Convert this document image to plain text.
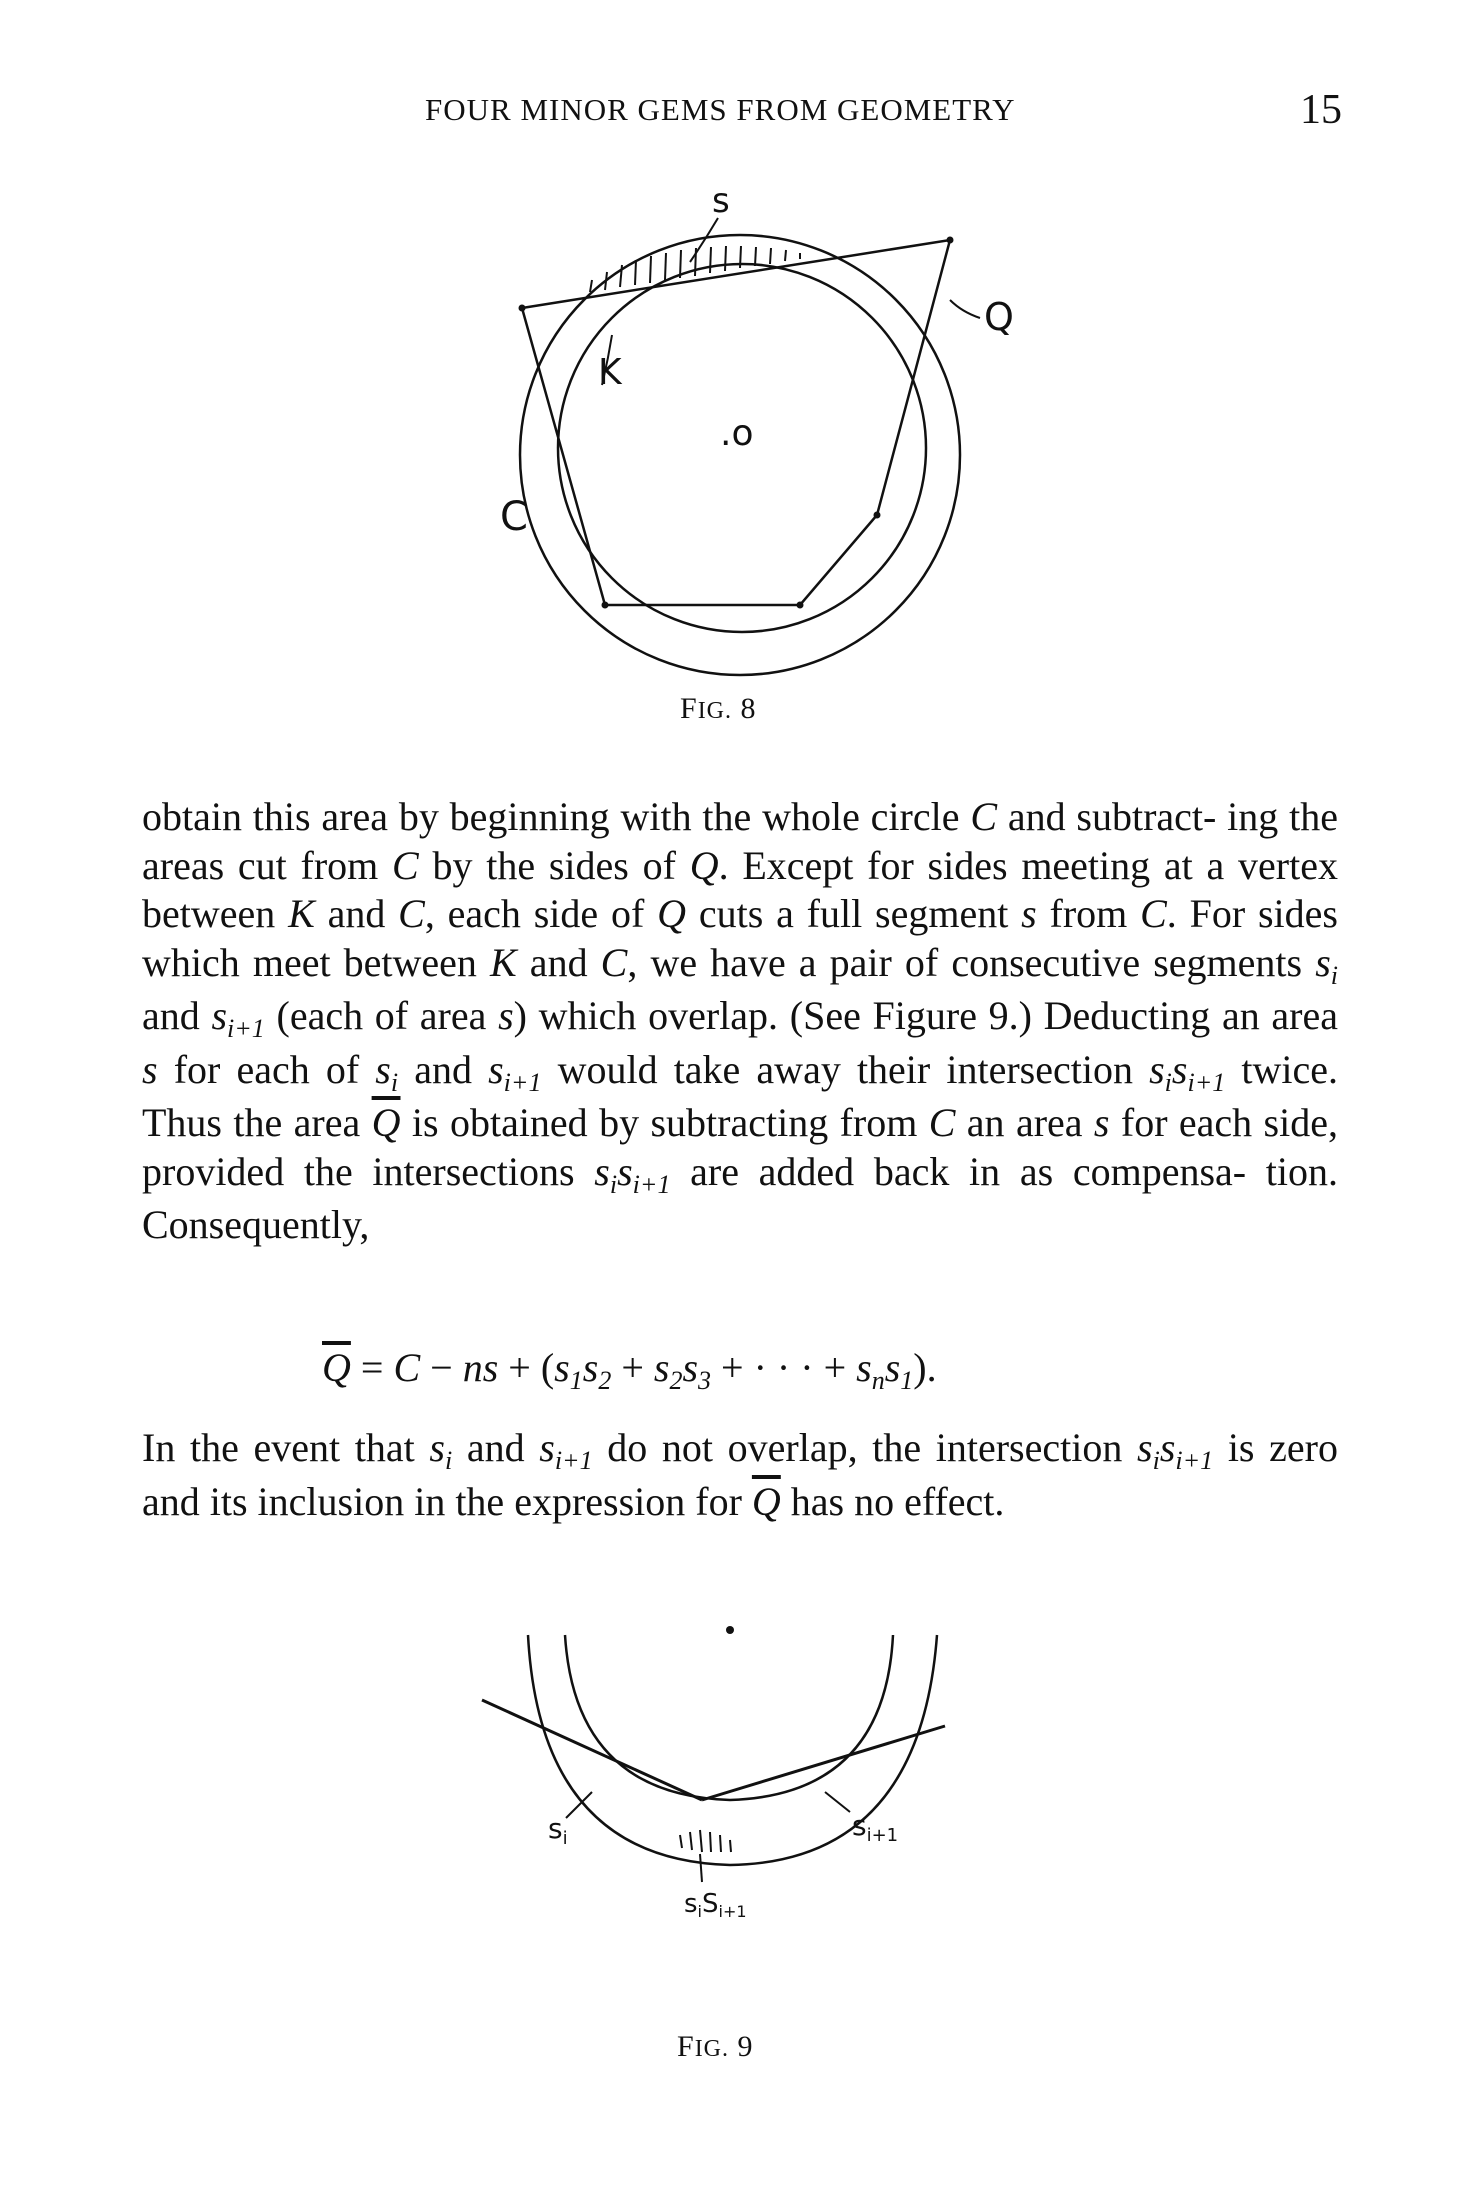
FOUR MINOR GEMS FROM GEOMETRY	15
s
Q
K
.o
C
FIG. 8
obtain this area by beginning with the whole circle C and subtract- ing the areas cut from C by the sides of Q. Except for sides meeting at a vertex between K and C, each side of Q cuts a full segment s from C. For sides which meet between K and C, we have a pair of consecutive segments $s_i$ and $s_{i+1}$ (each of area s) which overlap. (See Figure 9.) Deducting an area s for each of $s_i$ and $s_{i+1}$ would take away their intersection $s_is_{i+1}$ twice. Thus the area $\overline{Q}$ is obtained by subtracting from C an area s for each side, provided the intersections $s_is_{i+1}$ are added back in as compensa- tion. Consequently,
$\overline{Q} = C$ − ns + ($s_1s_2 + s_2s_3$ + · · · + $s_ns_1$).
In the event that $s_i$ and $s_{i+1}$ do not overlap, the intersection $s_is_{i+1}$ is zero and its inclusion in the expression for $\overline{Q}$ has no effect.
$s_i$	$s_{i+1}$
siSi+1
FIG. 9
